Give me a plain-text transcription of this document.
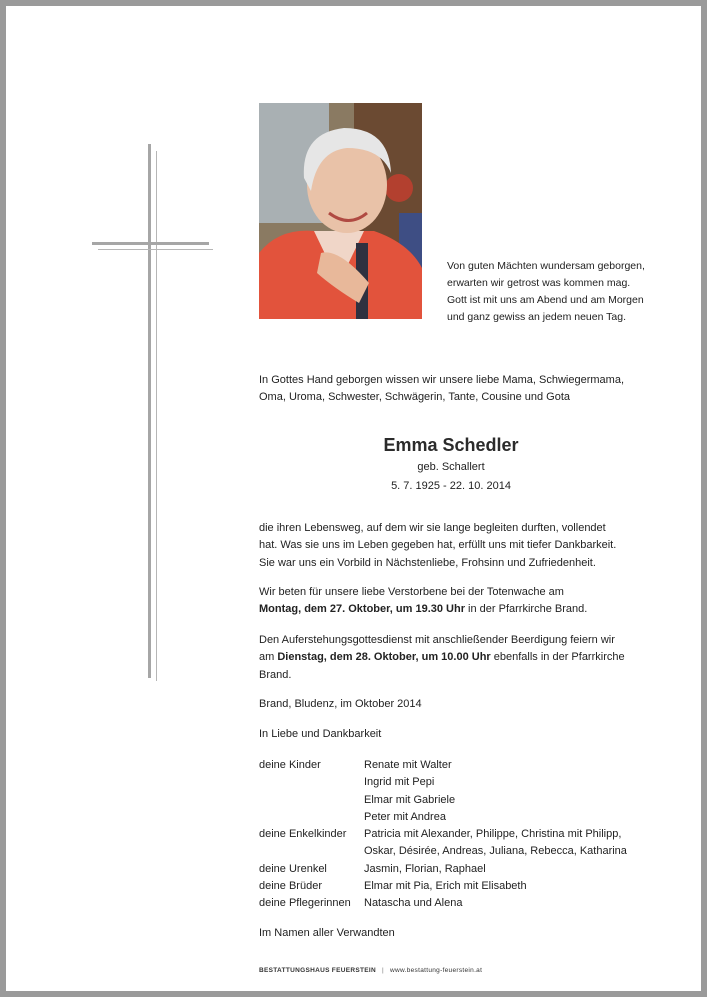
Von guten Mächten wundersam geborgen,
erwarten wir getrost was kommen mag.
Gott ist mit uns am Abend und am Morgen
und ganz gewiss an jedem neuen Tag.
In Gottes Hand geborgen wissen wir unsere liebe Mama, Schwiegermama,
Oma, Uroma, Schwester, Schwägerin, Tante, Cousine und Gota
Emma Schedler
geb. Schallert
5. 7. 1925 - 22. 10. 2014
die ihren Lebensweg, auf dem wir sie lange begleiten durften, vollendet
hat. Was sie uns im Leben gegeben hat, erfüllt uns mit tiefer Dankbarkeit.
Sie war uns ein Vorbild in Nächstenliebe, Frohsinn und Zufriedenheit.
Wir beten für unsere liebe Verstorbene bei der Totenwache am
Montag, dem 27. Oktober, um 19.30 Uhr in der Pfarrkirche Brand.
Den Auferstehungsgottesdienst mit anschließender Beerdigung feiern wir
am Dienstag, dem 28. Oktober, um 10.00 Uhr ebenfalls in der Pfarrkirche
Brand.
Brand, Bludenz, im Oktober 2014
In Liebe und Dankbarkeit
deine Kinder	Renate mit Walter
Ingrid mit Pepi
Elmar mit Gabriele
Peter mit Andrea
deine Enkelkinder	Patricia mit Alexander, Philippe, Christina mit Philipp,
Oskar, Désirée, Andreas, Juliana, Rebecca, Katharina
deine Urenkel	Jasmin, Florian, Raphael
deine Brüder	Elmar mit Pia, Erich mit Elisabeth
deine Pflegerinnen	Natascha und Alena
Im Namen aller Verwandten
BESTATTUNGSHAUS FEUERSTEIN | www.bestattung-feuerstein.at
